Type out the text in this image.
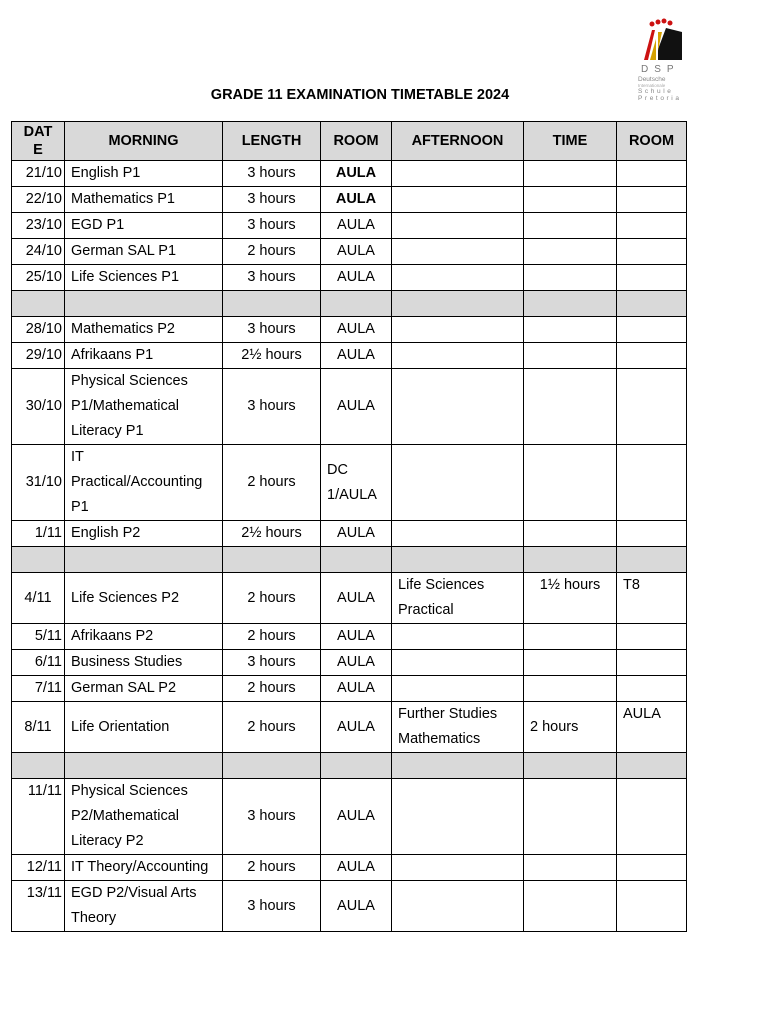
DSP
Deutsche
Internationale
Schule
Pretoria
GRADE 11 EXAMINATION TIMETABLE 2024
DAT E	MORNING	LENGTH	ROOM	AFTERNOON	TIME	ROOM
21/10	English P1	3 hours	AULA			
22/10	Mathematics P1	3 hours	AULA			
23/10	EGD P1	3 hours	AULA			
24/10	German SAL P1	2 hours	AULA			
25/10	Life Sciences P1	3 hours	AULA			

28/10	Mathematics P2	3 hours	AULA			
29/10	Afrikaans P1	2½ hours	AULA			
30/10	Physical Sciences P1/Mathematical Literacy P1	3 hours	AULA			
31/10	IT Practical/Accounting P1	2 hours	DC 1/AULA			
1/11	English P2	2½ hours	AULA			

4/11	Life Sciences P2	2 hours	AULA	Life Sciences Practical	1½ hours	T8
5/11	Afrikaans P2	2 hours	AULA			
6/11	Business Studies	3 hours	AULA			
7/11	German SAL P2	2 hours	AULA			
8/11	Life Orientation	2 hours	AULA	Further Studies Mathematics	2 hours	AULA

11/11	Physical Sciences P2/Mathematical Literacy P2	3 hours	AULA			
12/11	IT Theory/Accounting	2 hours	AULA			
13/11	EGD P2/Visual Arts Theory	3 hours	AULA			
